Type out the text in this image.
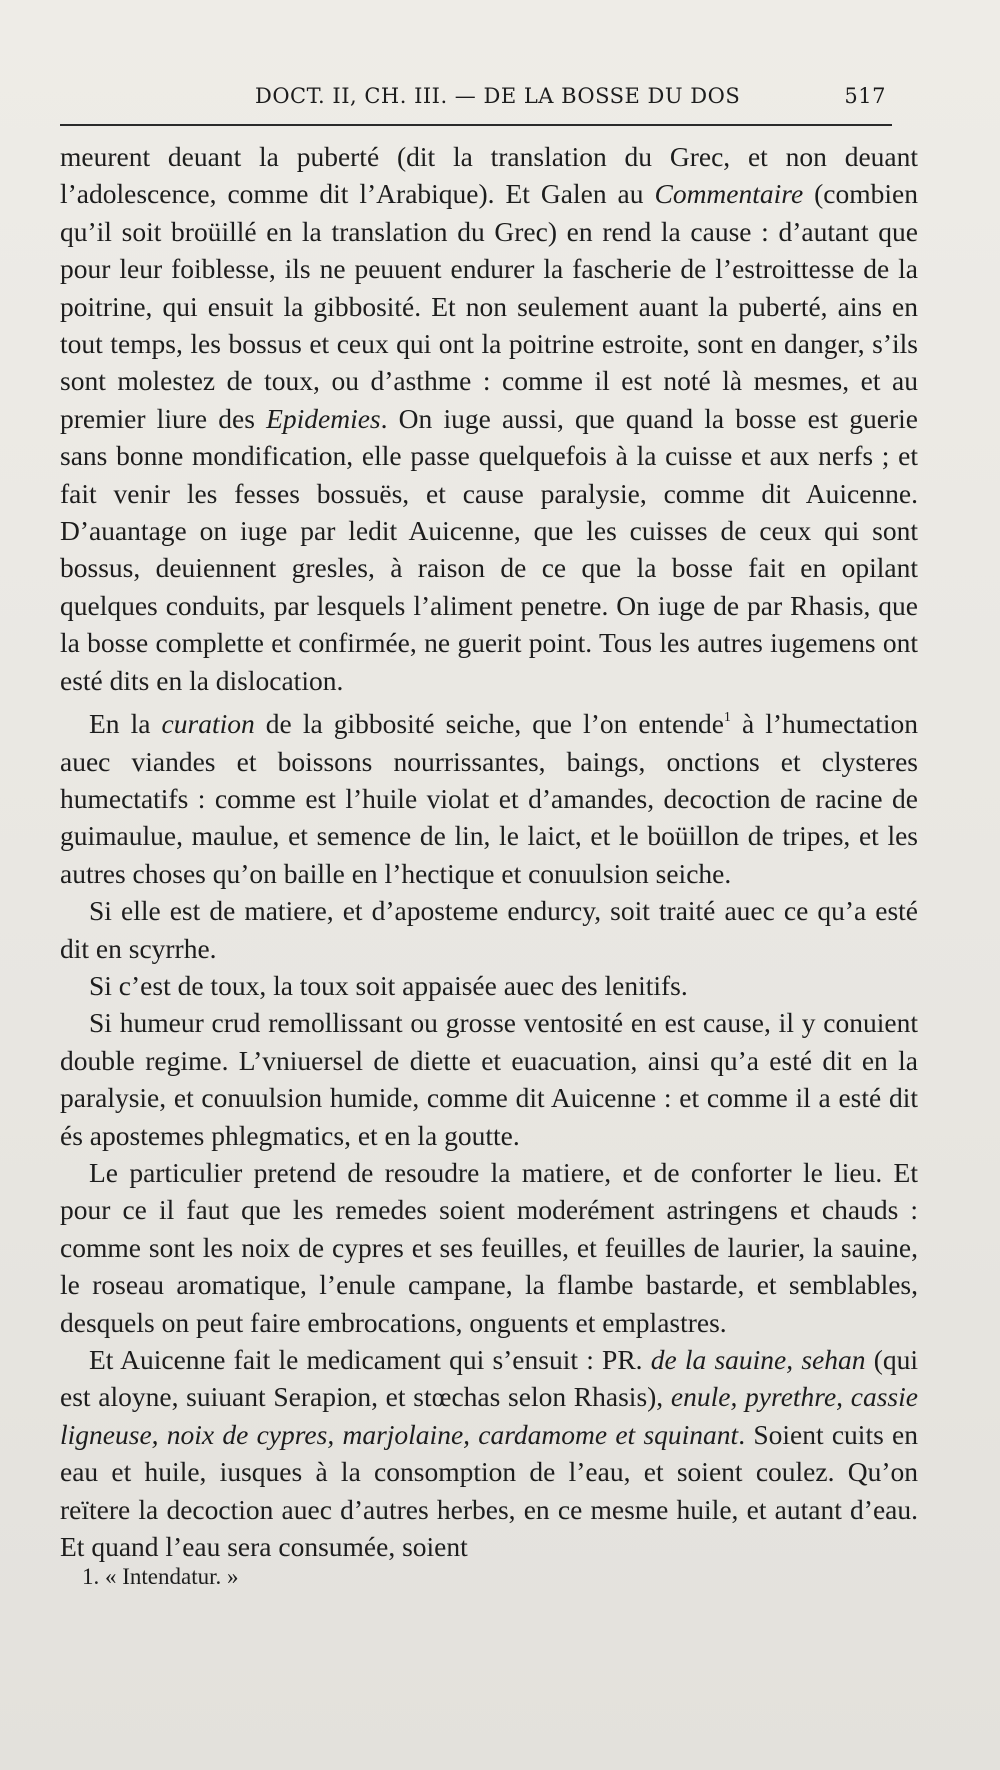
DOCT. II, CH. III. — DE LA BOSSE DU DOS	517

meurent deuant la puberté (dit la translation du Grec, et non deuant l’adolescence, comme dit l’Arabique). Et Galen au Commentaire (combien qu’il soit broüillé en la translation du Grec) en rend la cause : d’autant que pour leur foiblesse, ils ne peuuent endurer la fascherie de l’estroittesse de la poitrine, qui ensuit la gibbosité. Et non seulement auant la puberté, ains en tout temps, les bossus et ceux qui ont la poitrine estroite, sont en danger, s’ils sont molestez de toux, ou d’asthme : comme il est noté là mesmes, et au premier liure des Epidemies. On iuge aussi, que quand la bosse est guerie sans bonne mondification, elle passe quelquefois à la cuisse et aux nerfs ; et fait venir les fesses bossuës, et cause paralysie, comme dit Auicenne. D’auantage on iuge par ledit Auicenne, que les cuisses de ceux qui sont bossus, deuiennent gresles, à raison de ce que la bosse fait en opilant quelques conduits, par lesquels l’aliment penetre. On iuge de par Rhasis, que la bosse complette et confirmée, ne guerit point. Tous les autres iugemens ont esté dits en la dislocation.

En la curation de la gibbosité seiche, que l’on entende$^1$ à l’humectation auec viandes et boissons nourrissantes, baings, onctions et clysteres humectatifs : comme est l’huile violat et d’amandes, decoction de racine de guimaulue, maulue, et semence de lin, le laict, et le boüillon de tripes, et les autres choses qu’on baille en l’hectique et conuulsion seiche.

Si elle est de matiere, et d’aposteme endurcy, soit traité auec ce qu’a esté dit en scyrrhe.

Si c’est de toux, la toux soit appaisée auec des lenitifs.

Si humeur crud remollissant ou grosse ventosité en est cause, il y conuient double regime. L’vniuersel de diette et euacuation, ainsi qu’a esté dit en la paralysie, et conuulsion humide, comme dit Auicenne : et comme il a esté dit és apostemes phlegmatics, et en la goutte.

Le particulier pretend de resoudre la matiere, et de conforter le lieu. Et pour ce il faut que les remedes soient moderément astringens et chauds : comme sont les noix de cypres et ses feuilles, et feuilles de laurier, la sauine, le roseau aromatique, l’enule campane, la flambe bastarde, et semblables, desquels on peut faire embrocations, onguents et emplastres.

Et Auicenne fait le medicament qui s’ensuit : PR. de la sauine, sehan (qui est aloyne, suiuant Serapion, et stœchas selon Rhasis), enule, pyrethre, cassie ligneuse, noix de cypres, marjolaine, cardamome et squinant. Soient cuits en eau et huile, iusques à la consomption de l’eau, et soient coulez. Qu’on reïtere la decoction auec d’autres herbes, en ce mesme huile, et autant d’eau. Et quand l’eau sera consumée, soient

1. « Intendatur. »
